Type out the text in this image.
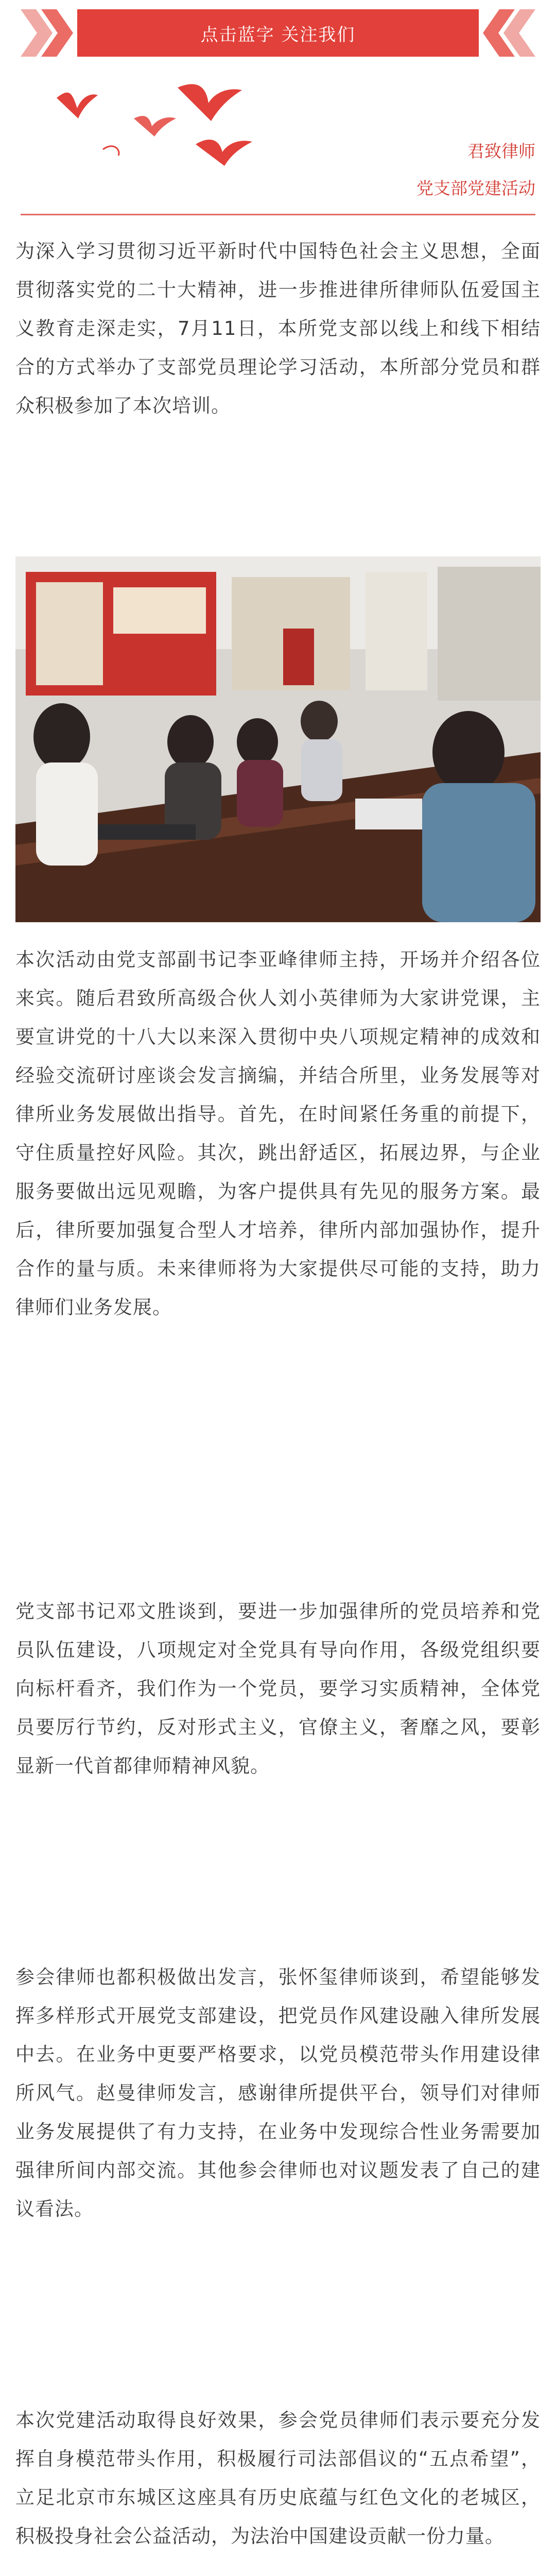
点击蓝字 关注我们
君致律师
党支部党建活动
为深入学习贯彻习近平新时代中国特色社会主义思想，全面贯彻落实党的二十大精神，进一步推进律所律师队伍爱国主义教育走深走实，7月11日，本所党支部以线上和线下相结合的方式举办了支部党员理论学习活动，本所部分党员和群众积极参加了本次培训。
本次活动由党支部副书记李亚峰律师主持，开场并介绍各位来宾。随后君致所高级合伙人刘小英律师为大家讲党课，主要宣讲党的十八大以来深入贯彻中央八项规定精神的成效和经验交流研讨座谈会发言摘编，并结合所里，业务发展等对律所业务发展做出指导。首先，在时间紧任务重的前提下，守住质量控好风险。其次，跳出舒适区，拓展边界，与企业服务要做出远见观瞻，为客户提供具有先见的服务方案。最后，律所要加强复合型人才培养，律所内部加强协作，提升合作的量与质。未来律师将为大家提供尽可能的支持，助力律师们业务发展。
党支部书记邓文胜谈到，要进一步加强律所的党员培养和党员队伍建设，八项规定对全党具有导向作用，各级党组织要向标杆看齐，我们作为一个党员，要学习实质精神，全体党员要厉行节约，反对形式主义，官僚主义，奢靡之风，要彰显新一代首都律师精神风貌。
参会律师也都积极做出发言，张怀玺律师谈到，希望能够发挥多样形式开展党支部建设，把党员作风建设融入律所发展中去。在业务中更要严格要求，以党员模范带头作用建设律所风气。赵曼律师发言，感谢律所提供平台，领导们对律师业务发展提供了有力支持，在业务中发现综合性业务需要加强律所间内部交流。其他参会律师也对议题发表了自己的建议看法。
本次党建活动取得良好效果，参会党员律师们表示要充分发挥自身模范带头作用，积极履行司法部倡议的“五点希望”，立足北京市东城区这座具有历史底蕴与红色文化的老城区，积极投身社会公益活动，为法治中国建设贡献一份力量。
